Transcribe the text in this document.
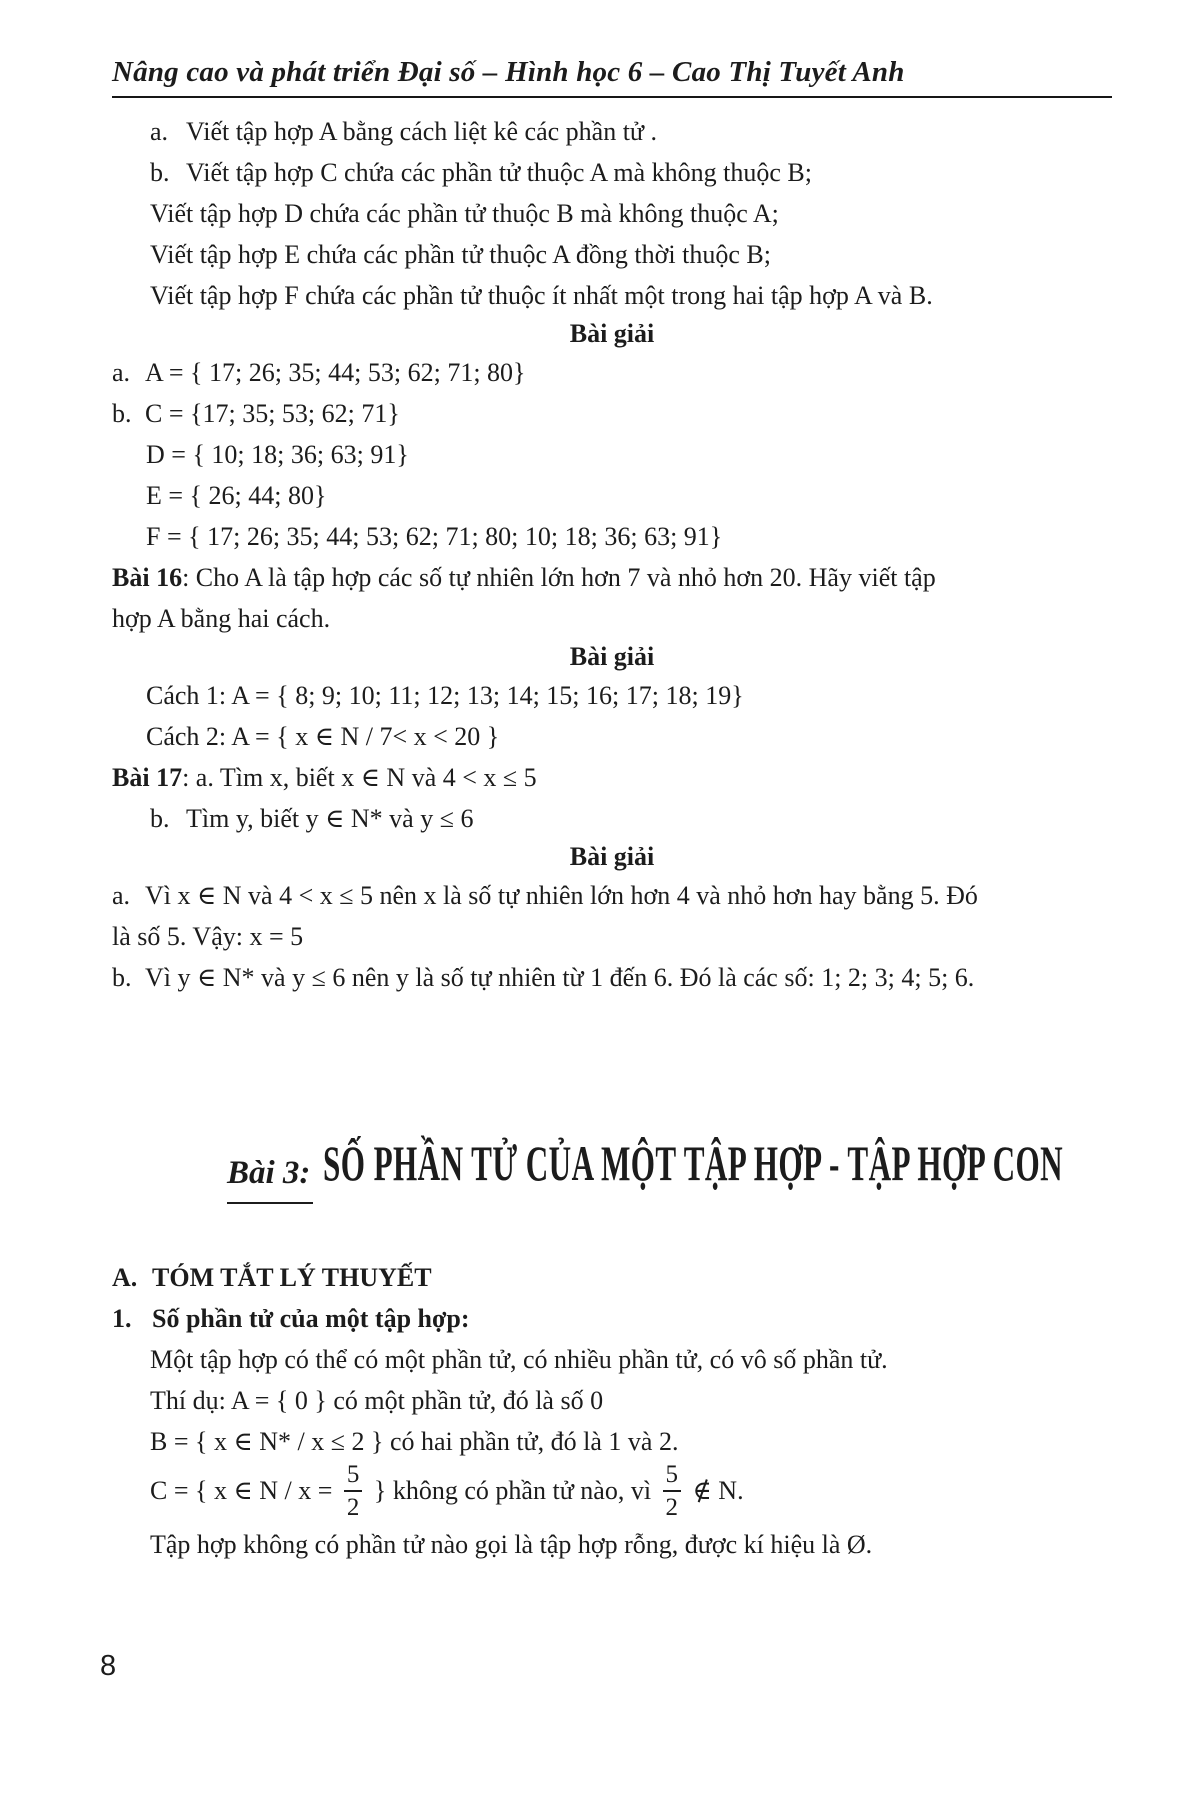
Nâng cao và phát triển Đại số – Hình học 6 – Cao Thị Tuyết Anh
a. Viết tập hợp A bằng cách liệt kê các phần tử .
b. Viết tập hợp C chứa các phần tử thuộc A mà không thuộc B;
Viết tập hợp D chứa các phần tử thuộc B mà không thuộc A;
Viết tập hợp E chứa các phần tử thuộc A đồng thời thuộc B;
Viết tập hợp F chứa các phần tử thuộc ít nhất một trong hai tập hợp A và B.
Bài giải
a. A = { 17; 26; 35; 44; 53; 62; 71; 80}
b. C = {17; 35; 53; 62; 71}
D = { 10; 18; 36; 63; 91}
E = { 26; 44; 80}
F = { 17; 26; 35; 44; 53; 62; 71; 80; 10; 18; 36; 63; 91}
Bài 16: Cho A là tập hợp các số tự nhiên lớn hơn 7 và nhỏ hơn 20. Hãy viết tập
hợp A bằng hai cách.
Bài giải
Cách 1: A = { 8; 9; 10; 11; 12; 13; 14; 15; 16; 17; 18; 19}
Cách 2: A = { x ∈ N / 7< x < 20 }
Bài 17: a. Tìm x, biết x ∈ N và 4 < x ≤ 5
b. Tìm y, biết y ∈ N* và y ≤ 6
Bài giải
a. Vì x ∈ N và 4 < x ≤ 5 nên x là số tự nhiên lớn hơn 4 và nhỏ hơn hay bằng 5. Đó
là số 5. Vậy: x = 5
b. Vì y ∈ N* và y ≤ 6 nên y là số tự nhiên từ 1 đến 6. Đó là các số: 1; 2; 3; 4; 5; 6.
Bài 3: SỐ PHẦN TỬ CỦA MỘT TẬP HỢP - TẬP HỢP CON
A. TÓM TẮT LÝ THUYẾT
1. Số phần tử của một tập hợp:
Một tập hợp có thể có một phần tử, có nhiều phần tử, có vô số phần tử.
Thí dụ: A = { 0 } có một phần tử, đó là số 0
B = { x ∈ N* / x ≤ 2 } có hai phần tử, đó là 1 và 2.
C = { x ∈ $N / x = \frac{5}{2}$ } không có phần tử nào, vì $\frac{5}{2}$ ∉ N.
Tập hợp không có phần tử nào gọi là tập hợp rỗng, được kí hiệu là Ø.
8
